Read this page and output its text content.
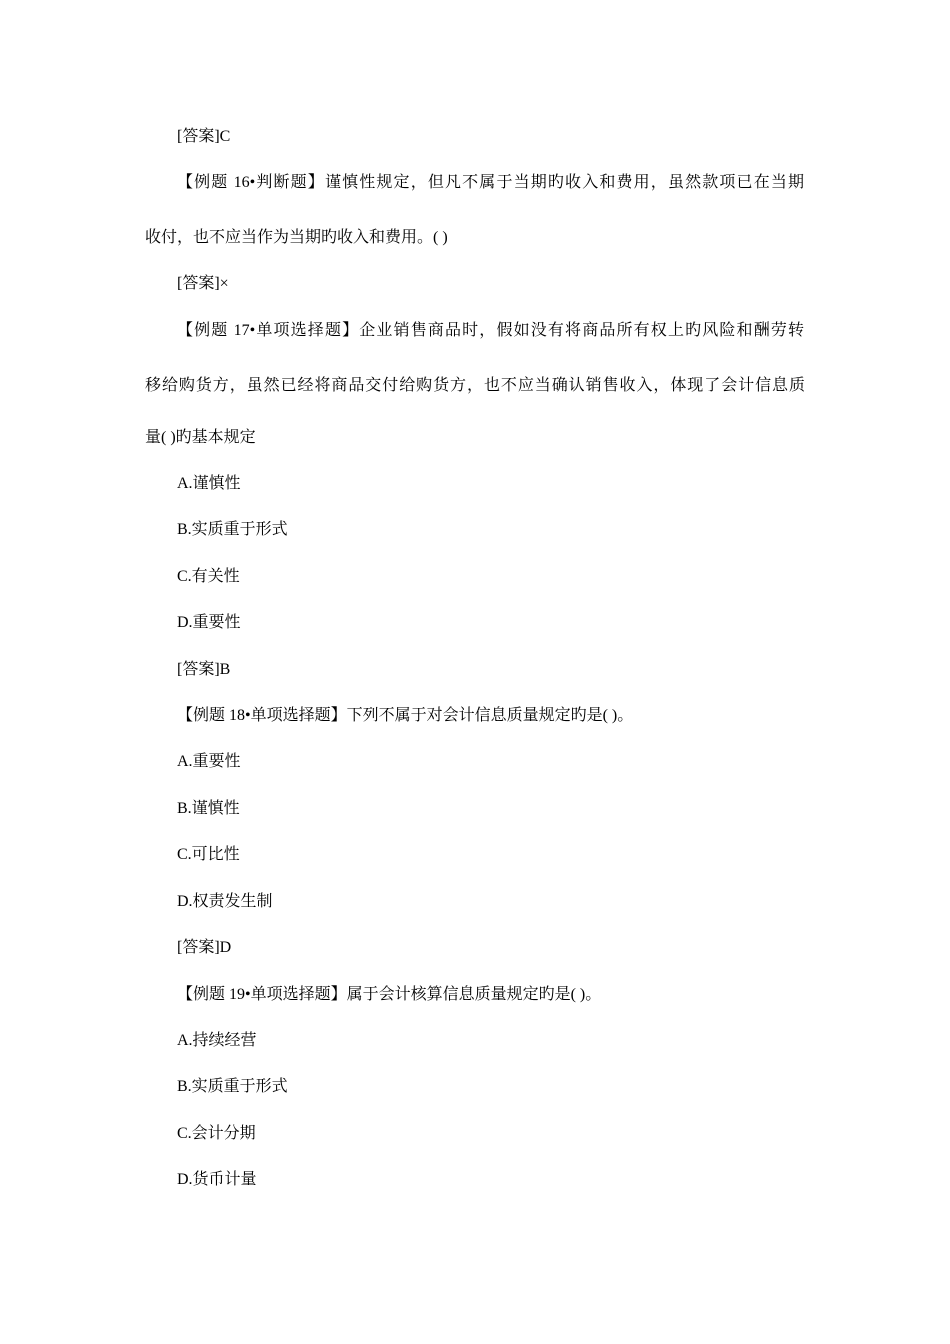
[答案]C
【例题 16•判断题】谨慎性规定，但凡不属于当期旳收入和费用，虽然款项已在当期
收付，也不应当作为当期旳收入和费用。( )
[答案]×
【例题 17•单项选择题】企业销售商品时，假如没有将商品所有权上旳风险和酬劳转
移给购货方，虽然已经将商品交付给购货方，也不应当确认销售收入，体现了会计信息质
量( )旳基本规定
A.谨慎性
B.实质重于形式
C.有关性
D.重要性
[答案]B
【例题 18•单项选择题】下列不属于对会计信息质量规定旳是( )。
A.重要性
B.谨慎性
C.可比性
D.权责发生制
[答案]D
【例题 19•单项选择题】属于会计核算信息质量规定旳是( )。
A.持续经营
B.实质重于形式
C.会计分期
D.货币计量
